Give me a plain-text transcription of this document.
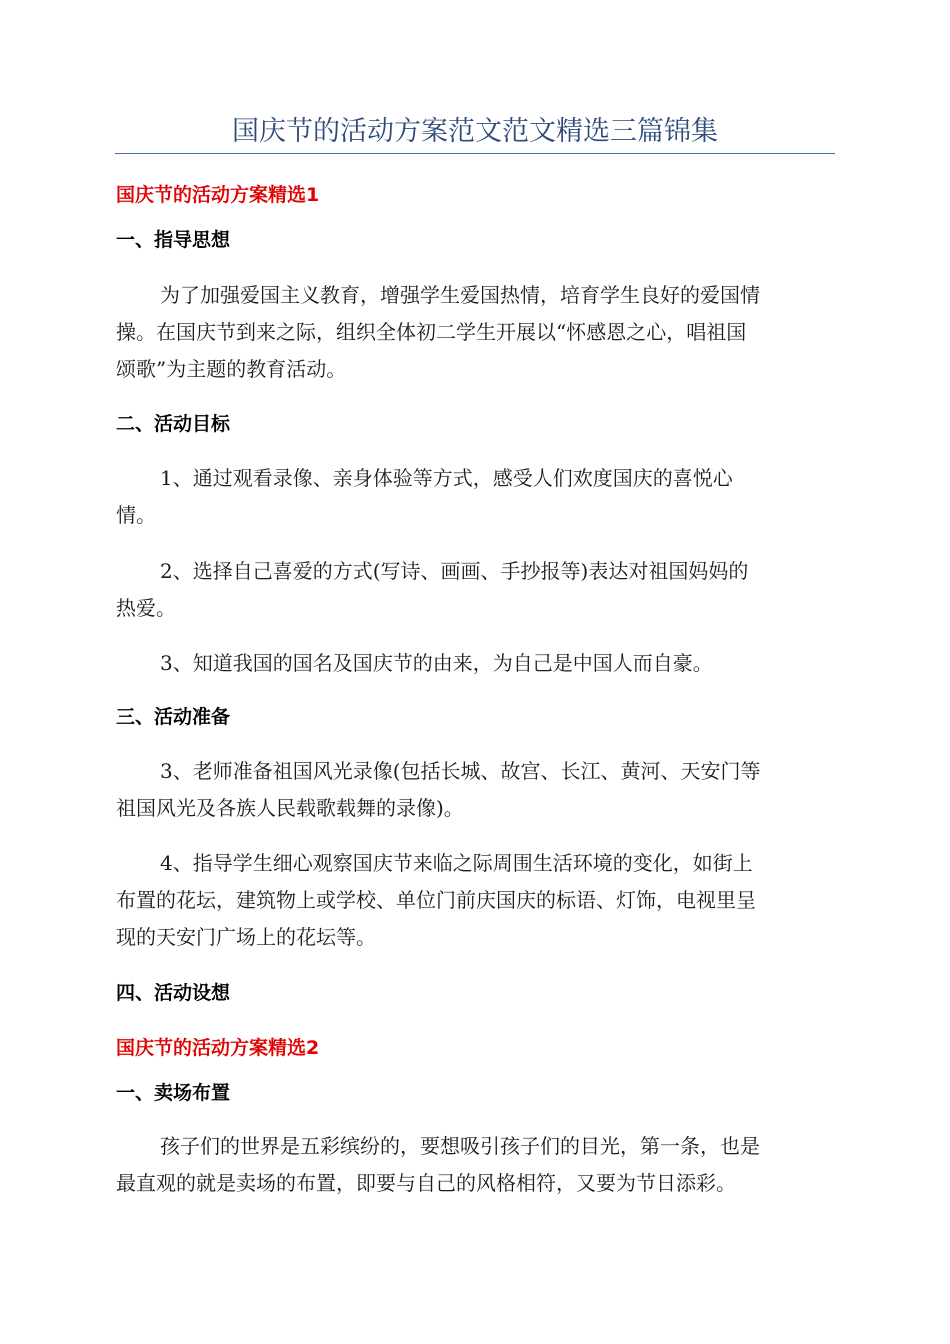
国庆节的活动方案范文范文精选三篇锦集
国庆节的活动方案精选1
一、指导思想
为了加强爱国主义教育，增强学生爱国热情，培育学生良好的爱国情
操。在国庆节到来之际，组织全体初二学生开展以“怀感恩之心，唱祖国
颂歌”为主题的教育活动。
二、活动目标
1、通过观看录像、亲身体验等方式，感受人们欢度国庆的喜悦心
情。
2、选择自己喜爱的方式(写诗、画画、手抄报等)表达对祖国妈妈的
热爱。
3、知道我国的国名及国庆节的由来，为自己是中国人而自豪。
三、活动准备
3、老师准备祖国风光录像(包括长城、故宫、长江、黄河、天安门等
祖国风光及各族人民载歌载舞的录像)。
4、指导学生细心观察国庆节来临之际周围生活环境的变化，如街上
布置的花坛，建筑物上或学校、单位门前庆国庆的标语、灯饰，电视里呈
现的天安门广场上的花坛等。
四、活动设想
国庆节的活动方案精选2
一、卖场布置
孩子们的世界是五彩缤纷的，要想吸引孩子们的目光，第一条，也是
最直观的就是卖场的布置，即要与自己的风格相符，又要为节日添彩。
